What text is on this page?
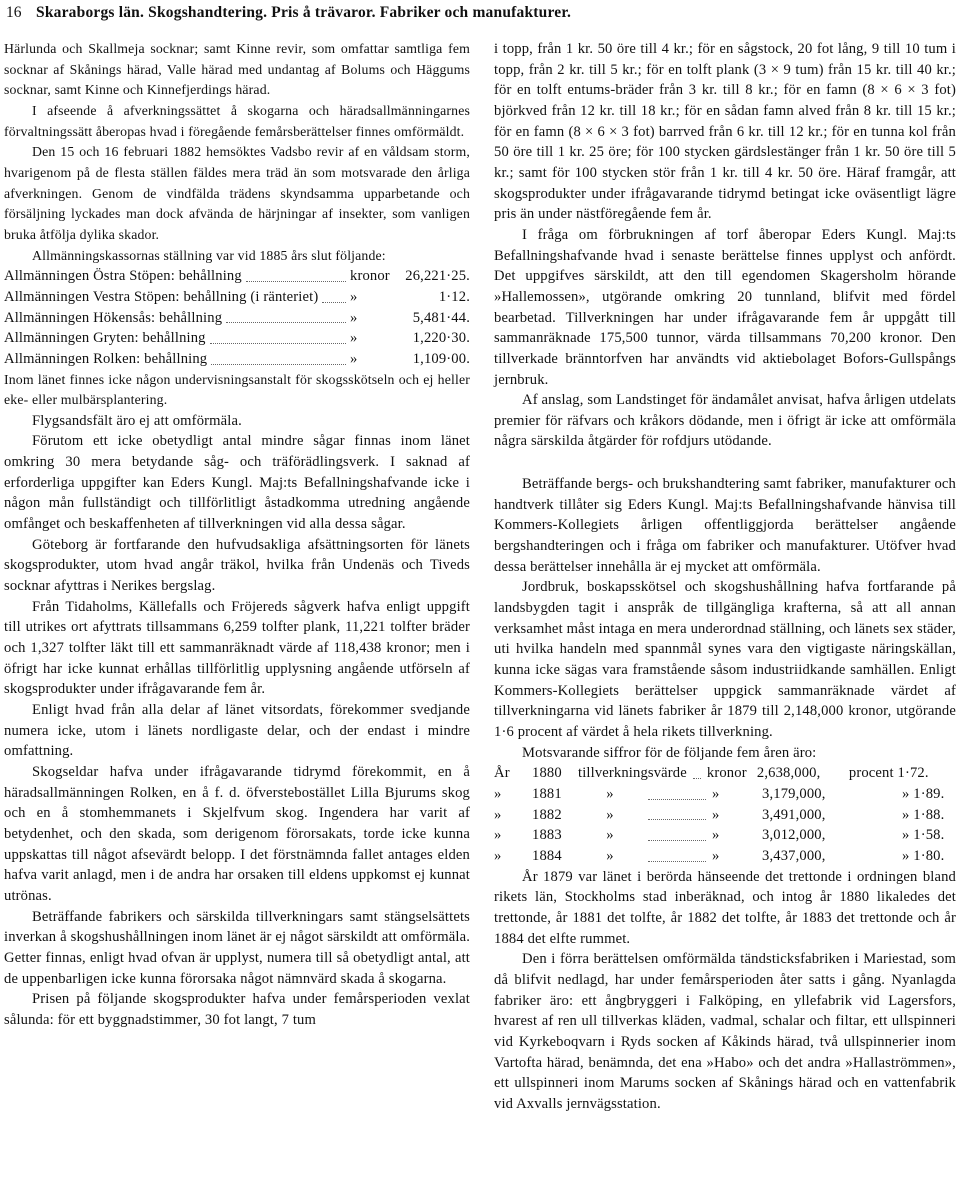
16 Skaraborgs län. Skogshandtering. Pris å trävaror. Fabriker och manufakturer.

Härlunda och Skallmeja socknar; samt Kinne revir, som omfattar samtliga fem socknar af Skånings härad, Valle härad med undantag af Bolums och Häggums socknar, samt Kinne och Kinnefjerdings härad.

I afseende å afverkningssättet å skogarna och häradsallmänningarnes förvaltningssätt åberopas hvad i föregående femårsberättelser finnes omförmäldt.

Den 15 och 16 februari 1882 hemsöktes Vadsbo revir af en våldsam storm, hvarigenom på de flesta ställen fäldes mera träd än som motsvarade den årliga afverkningen. Genom de vindfälda trädens skyndsamma upparbetande och försäljning lyckades man dock afvända de härjningar af insekter, som vanligen bruka åtfölja dylika skador.

Allmänningskassornas ställning var vid 1885 års slut följande:

Allmänningen Östra Stöpen: behållning	kronor	26,221·25.
Allmänningen Vestra Stöpen: behållning (i ränteriet) »	1·12.
Allmänningen Hökensås: behållning	»	5,481·44.
Allmänningen Gryten: behållning	»	1,220·30.
Allmänningen Rolken: behållning	»	1,109·00.

Inom länet finnes icke någon undervisningsanstalt för skogsskötseln och ej heller eke- eller mulbärsplantering.

Flygsandsfält äro ej att omförmäla.

Förutom ett icke obetydligt antal mindre sågar finnas inom länet omkring 30 mera betydande såg- och träförädlingsverk. I saknad af erforderliga uppgifter kan Eders Kungl. Maj:ts Befallningshafvande icke i någon mån fullständigt och tillförlitligt åstadkomma utredning angående omfånget och beskaffenheten af tillverkningen vid alla dessa sågar.

Göteborg är fortfarande den hufvudsakliga afsättningsorten för länets skogsprodukter, utom hvad angår träkol, hvilka från Undenäs och Tiveds socknar afyttras i Nerikes bergslag.

Från Tidaholms, Källefalls och Fröjereds sågverk hafva enligt uppgift till utrikes ort afyttrats tillsammans 6,259 tolfter plank, 11,221 tolfter bräder och 1,327 tolfter läkt till ett sammanräknadt värde af 118,438 kronor; men i öfrigt har icke kunnat erhållas tillförlitlig upplysning angående utförseln af skogsprodukter under ifrågavarande fem år.

Enligt hvad från alla delar af länet vitsordats, förekommer svedjande numera icke, utom i länets nordligaste delar, och der endast i mindre omfattning.

Skogseldar hafva under ifrågavarande tidrymd förekommit, en å häradsallmänningen Rolken, en å f. d. öfverstebostället Lilla Bjurums skog och en å stomhemmanets i Skjelfvum skog. Ingendera har varit af betydenhet, och den skada, som derigenom förorsakats, torde icke kunna uppskattas till något afsevärdt belopp. I det förstnämnda fallet antages elden hafva varit anlagd, men i de andra har orsaken till eldens uppkomst ej kunnat utrönas.

Beträffande fabrikers och särskilda tillverkningars samt stängselsättets inverkan å skogshushållningen inom länet är ej något särskildt att omförmäla. Getter finnas, enligt hvad ofvan är upplyst, numera till så obetydligt antal, att de uppenbarligen icke kunna förorsaka något nämnvärd skada å skogarna.

Prisen på följande skogsprodukter hafva under femårsperioden vexlat sålunda: för ett byggnadstimmer, 30 fot langt, 7 tum

i topp, från 1 kr. 50 öre till 4 kr.; för en sågstock, 20 fot lång, 9 till 10 tum i topp, från 2 kr. till 5 kr.; för en tolft plank (3 × 9 tum) från 15 kr. till 40 kr.; för en tolft entums-bräder från 3 kr. till 8 kr.; för en famn (8 × 6 × 3 fot) björkved från 12 kr. till 18 kr.; för en sådan famn alved från 8 kr. till 15 kr.; för en famn (8 × 6 × 3 fot) barrved från 6 kr. till 12 kr.; för en tunna kol från 50 öre till 1 kr. 25 öre; för 100 stycken gärdslestänger från 1 kr. 50 öre till 5 kr.; samt för 100 stycken stör från 1 kr. till 4 kr. 50 öre. Häraf framgår, att skogsprodukter under ifrågavarande tidrymd betingat icke oväsentligt lägre pris än under nästföregående fem år.

I fråga om förbrukningen af torf åberopar Eders Kungl. Maj:ts Befallningshafvande hvad i senaste berättelse finnes upplyst och anfördt. Det uppgifves särskildt, att den till egendomen Skagersholm hörande »Hallemossen», utgörande omkring 20 tunnland, blifvit med fördel bearbetad. Tillverkningen har under ifrågavarande fem år uppgått till sammanräknade 175,500 tunnor, värda tillsammans 70,200 kronor. Den tillverkade bränntorfven har användts vid aktiebolaget Bofors-Gullspångs jernbruk.

Af anslag, som Landstinget för ändamålet anvisat, hafva årligen utdelats premier för räfvars och kråkors dödande, men i öfrigt är icke att omförmäla några särskilda åtgärder för rofdjurs utödande.

Beträffande bergs- och brukshandtering samt fabriker, manufakturer och handtverk tillåter sig Eders Kungl. Maj:ts Befallningshafvande hänvisa till Kommers-Kollegiets årligen offentliggjorda berättelser angående bergshandteringen och i fråga om fabriker och manufakturer. Utöfver hvad dessa berättelser innehålla är ej mycket att omförmäla.

Jordbruk, boskapsskötsel och skogshushållning hafva fortfarande på landsbygden tagit i anspråk de tillgängliga krafterna, så att all annan verksamhet måst intaga en mera underordnad ställning, och länets sex städer, uti hvilka handeln med spannmål synes vara den vigtigaste näringskällan, kunna icke sägas vara framstående såsom industriidkande samhällen. Enligt Kommers-Kollegiets berättelser uppgick sammanräknade värdet af tillverkningarna vid länets fabriker år 1879 till 2,148,000 kronor, utgörande 1·6 procent af värdet å hela rikets tillverkning.

Motsvarande siffror för de följande fem åren äro:

År	1880	tillverkningsvärde kronor 2,638,000,	procent 1·72.
»	1881	»	»	3,179,000,	» 1·89.
»	1882	»	»	3,491,000,	» 1·88.
»	1883	»	»	3,012,000,	» 1·58.
»	1884	»	»	3,437,000,	» 1·80.

År 1879 var länet i berörda hänseende det trettonde i ordningen bland rikets län, Stockholms stad inberäknad, och intog år 1880 likaledes det trettonde, år 1881 det tolfte, år 1882 det tolfte, år 1883 det trettonde och år 1884 det elfte rummet.

Den i förra berättelsen omförmälda tändsticksfabriken i Mariestad, som då blifvit nedlagd, har under femårsperioden åter satts i gång. Nyanlagda fabriker äro: ett ångbryggeri i Falköping, en yllefabrik vid Lagersfors, hvarest af ren ull tillverkas kläden, vadmal, schalar och filtar, ett ullspinneri vid Kyrkeboqvarn i Ryds socken af Kåkinds härad, två ullspinnerier inom Vartofta härad, benämnda, det ena »Habo» och det andra »Hallaströmmen», ett ullspinneri inom Marums socken af Skånings härad och en vattenfabrik vid Axvalls jernvägsstation.
